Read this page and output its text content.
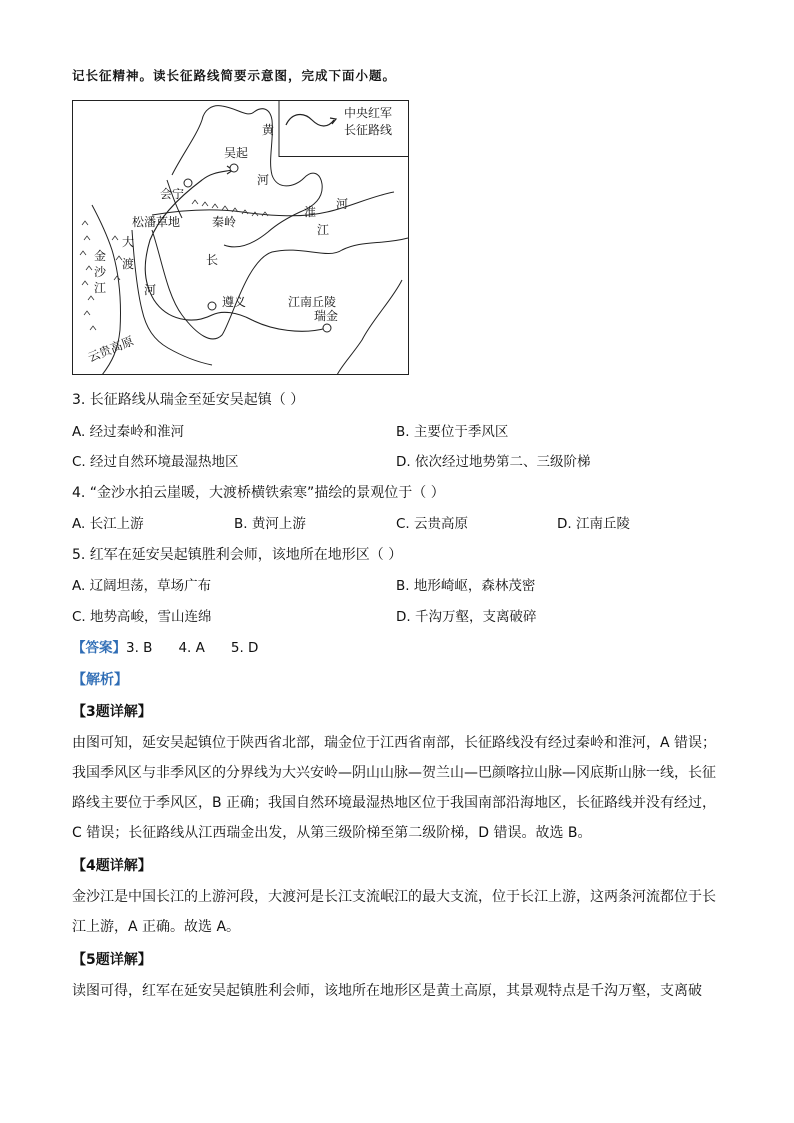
记长征精神。读长征路线简要示意图，完成下面小题。
中央红军
长征路线
黄
河
吴起
会宁
松潘草地	秦岭
淮
河
金
沙
江
大
渡
河
长
江
遵义	江南丘陵
瑞金
云贵高原
3. 长征路线从瑞金至延安吴起镇（ ）
A. 经过秦岭和淮河	B. 主要位于季风区
C. 经过自然环境最湿热地区	D. 依次经过地势第二、三级阶梯
4. “金沙水拍云崖暖，大渡桥横铁索寒”描绘的景观位于（ ）
A. 长江上游	B. 黄河上游	C. 云贵高原	D. 江南丘陵
5. 红军在延安吴起镇胜利会师，该地所在地形区（ ）
A. 辽阔坦荡，草场广布	B. 地形崎岖，森林茂密
C. 地势高峻，雪山连绵	D. 千沟万壑，支离破碎
【答案】3. B 4. A 5. D
【解析】
【3题详解】

由图可知，延安吴起镇位于陕西省北部，瑞金位于江西省南部，长征路线没有经过秦岭和淮河，A 错误；

我国季风区与非季风区的分界线为大兴安岭—阴山山脉—贺兰山—巴颜喀拉山脉—冈底斯山脉一线，长征

路线主要位于季风区，B 正确；我国自然环境最湿热地区位于我国南部沿海地区，长征路线并没有经过，

C 错误；长征路线从江西瑞金出发，从第三级阶梯至第二级阶梯，D 错误。故选 B。

【4题详解】

金沙江是中国长江的上游河段，大渡河是长江支流岷江的最大支流，位于长江上游，这两条河流都位于长

江上游，A 正确。故选 A。

【5题详解】

读图可得，红军在延安吴起镇胜利会师，该地所在地形区是黄土高原，其景观特点是千沟万壑，支离破
